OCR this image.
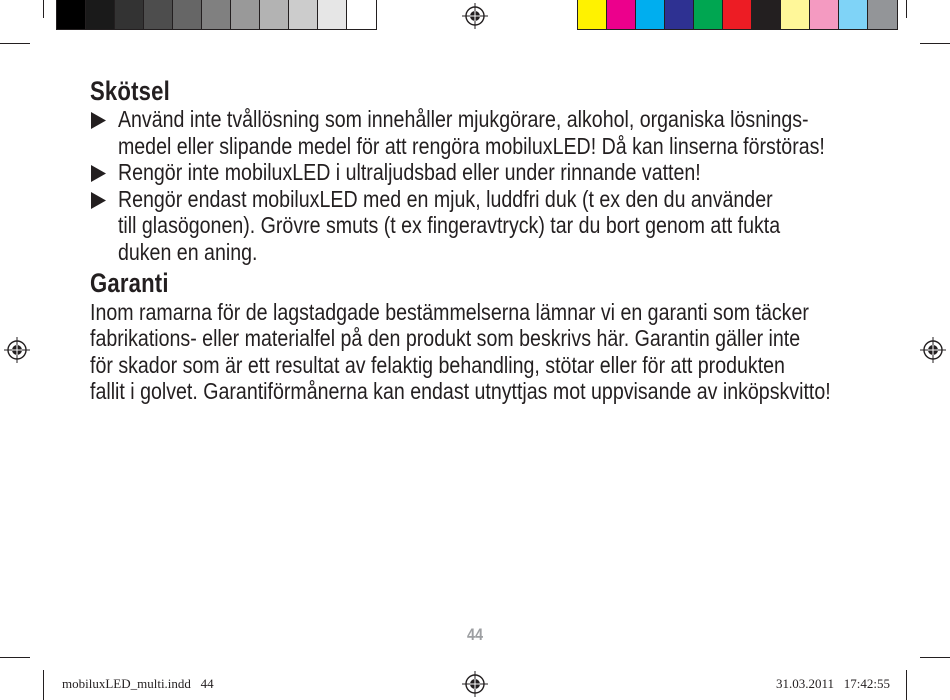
Skötsel
Använd inte tvållösning som innehåller mjukgörare, alkohol, organiska lösnings-
medel eller slipande medel för att rengöra mobiluxLED! Då kan linserna förstöras!
Rengör inte mobiluxLED i ultraljudsbad eller under rinnande vatten!
Rengör endast mobiluxLED med en mjuk, luddfri duk (t ex den du använder
till glasögonen). Grövre smuts (t ex fingeravtryck) tar du bort genom att fukta
duken en aning.
Garanti
Inom ramarna för de lagstadgade bestämmelserna lämnar vi en garanti som täcker
fabrikations- eller materialfel på den produkt som beskrivs här. Garantin gäller inte
för skador som är ett resultat av felaktig behandling, stötar eller för att produkten
fallit i golvet. Garantiförmånerna kan endast utnyttjas mot uppvisande av inköpskvitto!
44
mobiluxLED_multi.indd   44	31.03.2011   17:42:55
